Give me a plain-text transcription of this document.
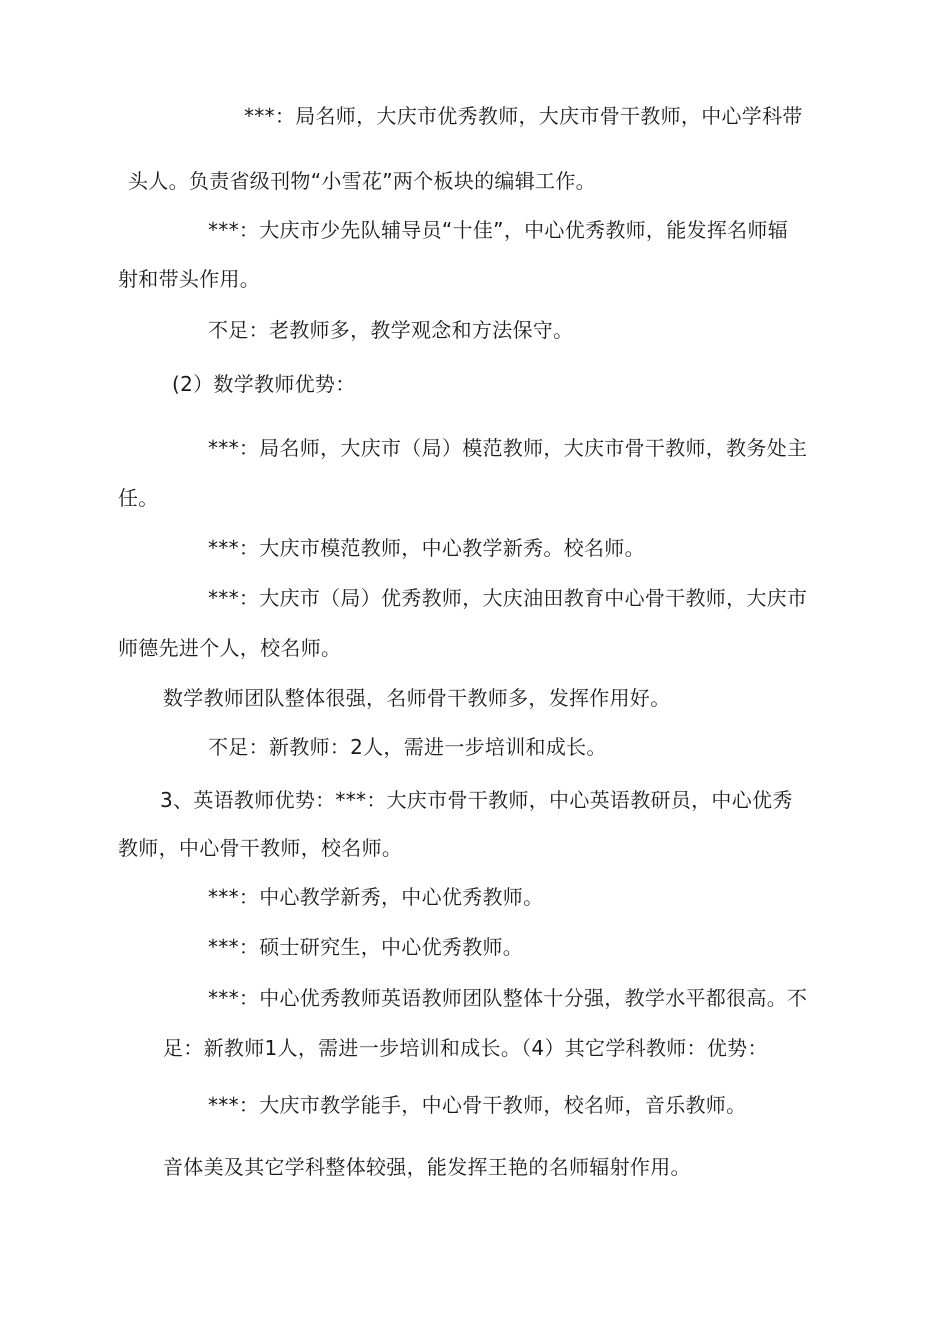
***：局名师，大庆市优秀教师，大庆市骨干教师，中心学科带
头人。负责省级刊物“小雪花”两个板块的编辑工作。
***：大庆市少先队辅导员“十佳”，中心优秀教师，能发挥名师辐
射和带头作用。
不足：老教师多，教学观念和方法保守。
(2）数学教师优势：
***：局名师，大庆市（局）模范教师，大庆市骨干教师，教务处主
任。
***：大庆市模范教师，中心教学新秀。校名师。
***：大庆市（局）优秀教师，大庆油田教育中心骨干教师，大庆市
师德先进个人，校名师。
数学教师团队整体很强，名师骨干教师多，发挥作用好。
不足：新教师：2人，需进一步培训和成长。
3、英语教师优势：***：大庆市骨干教师，中心英语教研员，中心优秀
教师，中心骨干教师，校名师。
***：中心教学新秀，中心优秀教师。
***：硕士研究生，中心优秀教师。
***：中心优秀教师英语教师团队整体十分强，教学水平都很高。不
足：新教师1人，需进一步培训和成长。（4）其它学科教师：优势：
***：大庆市教学能手，中心骨干教师，校名师，音乐教师。
音体美及其它学科整体较强，能发挥王艳的名师辐射作用。
